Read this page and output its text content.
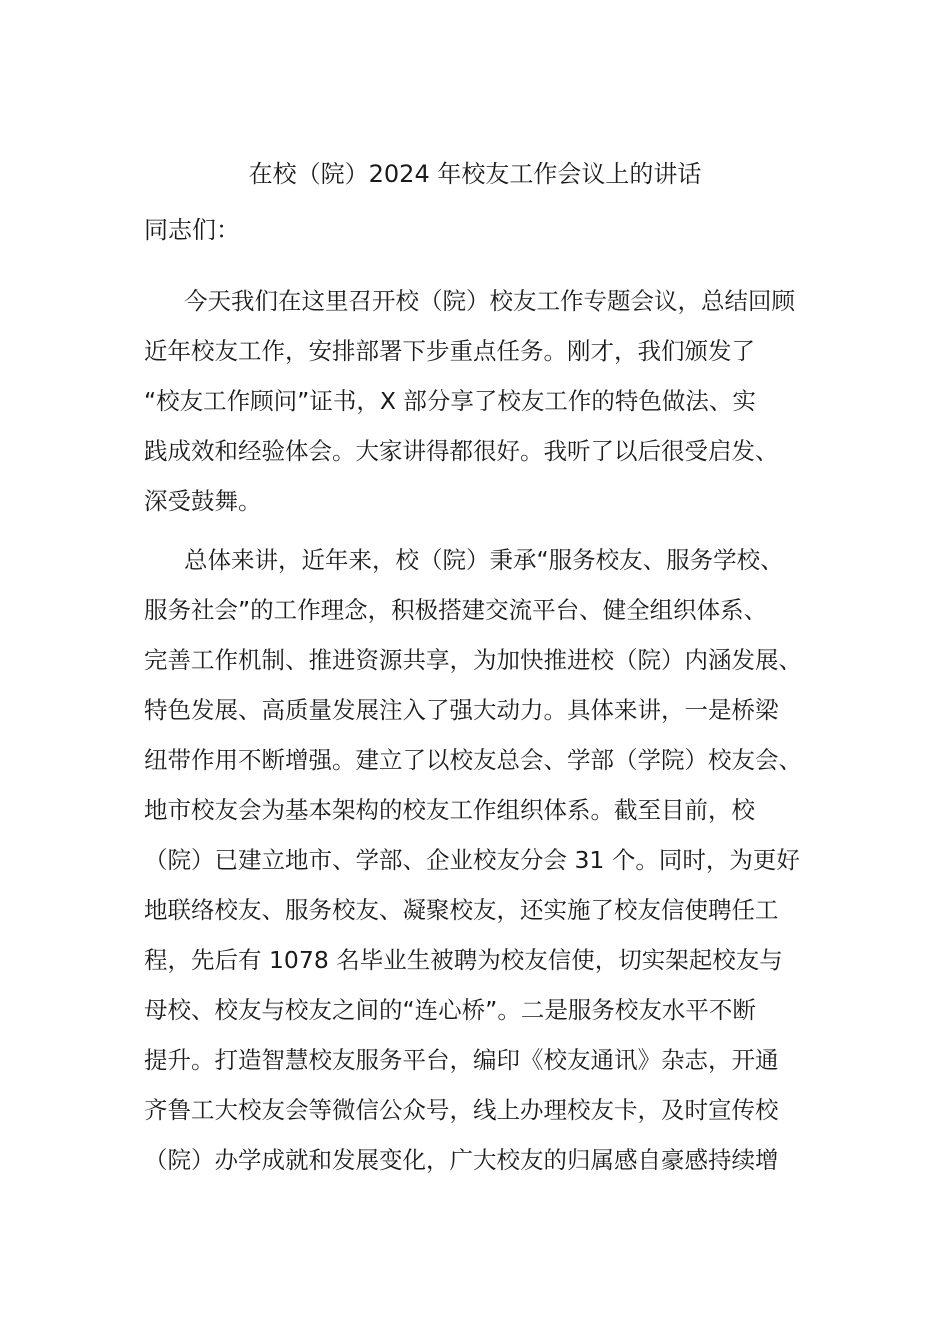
在校（院）2024 年校友工作会议上的讲话
同志们：
今天我们在这里召开校（院）校友工作专题会议，总结回顾
近年校友工作，安排部署下步重点任务。刚才，我们颁发了
“校友工作顾问”证书，X 部分享了校友工作的特色做法、实
践成效和经验体会。大家讲得都很好。我听了以后很受启发、
深受鼓舞。
总体来讲，近年来，校（院）秉承“服务校友、服务学校、
服务社会”的工作理念，积极搭建交流平台、健全组织体系、
完善工作机制、推进资源共享，为加快推进校（院）内涵发展、
特色发展、高质量发展注入了强大动力。具体来讲，一是桥梁
纽带作用不断增强。建立了以校友总会、学部（学院）校友会、
地市校友会为基本架构的校友工作组织体系。截至目前，校
（院）已建立地市、学部、企业校友分会 31 个。同时，为更好
地联络校友、服务校友、凝聚校友，还实施了校友信使聘任工
程，先后有 1078 名毕业生被聘为校友信使，切实架起校友与
母校、校友与校友之间的“连心桥”。二是服务校友水平不断
提升。打造智慧校友服务平台，编印《校友通讯》杂志，开通
齐鲁工大校友会等微信公众号，线上办理校友卡，及时宣传校
（院）办学成就和发展变化，广大校友的归属感自豪感持续增
